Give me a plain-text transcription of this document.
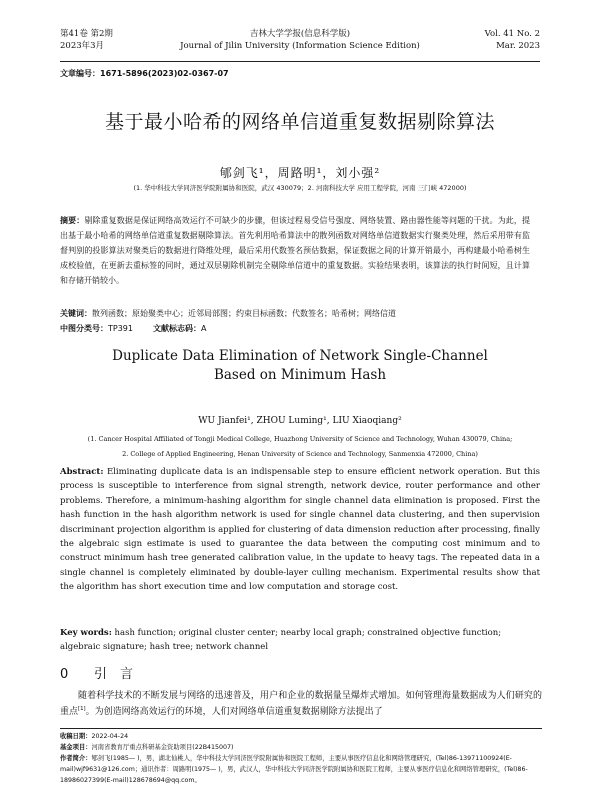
第41卷 第2期
2023年3月
吉林大学学报(信息科学版)
Journal of Jilin University (Information Science Edition)
Vol. 41 No. 2
Mar. 2023
文章编号：1671-5896(2023)02-0367-07
基于最小哈希的网络单信道重复数据剔除算法
郇剑飞¹，周路明¹，刘小强²
(1. 华中科技大学同济医学院附属协和医院，武汉 430079；2. 河南科技大学 应用工程学院，河南 三门峡 472000)
摘要：剔除重复数据是保证网络高效运行不可缺少的步骤，但该过程易受信号强度、网络装置、路由器性能等问题的干扰。为此，提出基于最小哈希的网络单信道重复数据剔除算法。首先利用哈希算法中的散列函数对网络单信道数据实行聚类处理，然后采用带有监督判别的投影算法对聚类后的数据进行降维处理，最后采用代数签名预估数据，保证数据之间的计算开销最小，再构建最小哈希树生成校验值，在更新去重标签的同时，通过双层剔除机制完全剔除单信道中的重复数据。实验结果表明，该算法的执行时间短，且计算和存储开销较小。
关键词：散列函数；原始聚类中心；近邻局部图；约束目标函数；代数签名；哈希树；网络信道
中图分类号：TP391	文献标志码：A
Duplicate Data Elimination of Network Single-Channel
Based on Minimum Hash
WU Jianfei¹, ZHOU Luming¹, LIU Xiaoqiang²
(1. Cancer Hospital Affiliated of Tongji Medical College, Huazhong University of Science and Technology, Wuhan 430079, China;
2. College of Applied Engineering, Henan University of Science and Technology, Sanmenxia 472000, China)
Abstract: Eliminating duplicate data is an indispensable step to ensure efficient network operation. But this process is susceptible to interference from signal strength, network device, router performance and other problems. Therefore, a minimum-hashing algorithm for single channel data elimination is proposed. First the hash function in the hash algorithm network is used for single channel data clustering, and then supervision discriminant projection algorithm is applied for clustering of data dimension reduction after processing, finally the algebraic sign estimate is used to guarantee the data between the computing cost minimum and to construct minimum hash tree generated calibration value, in the update to heavy tags. The repeated data in a single channel is completely eliminated by double-layer culling mechanism. Experimental results show that the algorithm has short execution time and low computation and storage cost.
Key words: hash function; original cluster center; nearby local graph; constrained objective function; algebraic signature; hash tree; network channel
0 引　言
随着科学技术的不断发展与网络的迅速普及，用户和企业的数据量呈爆炸式增加。如何管理海量数据成为人们研究的重点[1]。为创造网络高效运行的环境，人们对网络单信道重复数据剔除方法提出了
收稿日期：2022-04-24
基金项目：河南省教育厅重点科研基金资助项目(22B415007)
作者简介：郇剑飞(1985— )，男，湖北仙桃人，华中科技大学同济医学院附属协和医院工程师，主要从事医疗信息化和网络管理研究，(Tel)86-13971100924(E-mail)wjf9631@126.com；通讯作者：周路明(1975— )，男，武汉人，华中科技大学同济医学院附属协和医院工程师，主要从事医疗信息化和网络管理研究，(Tel)86-18986027399(E-mail)128678694@qq.com。
